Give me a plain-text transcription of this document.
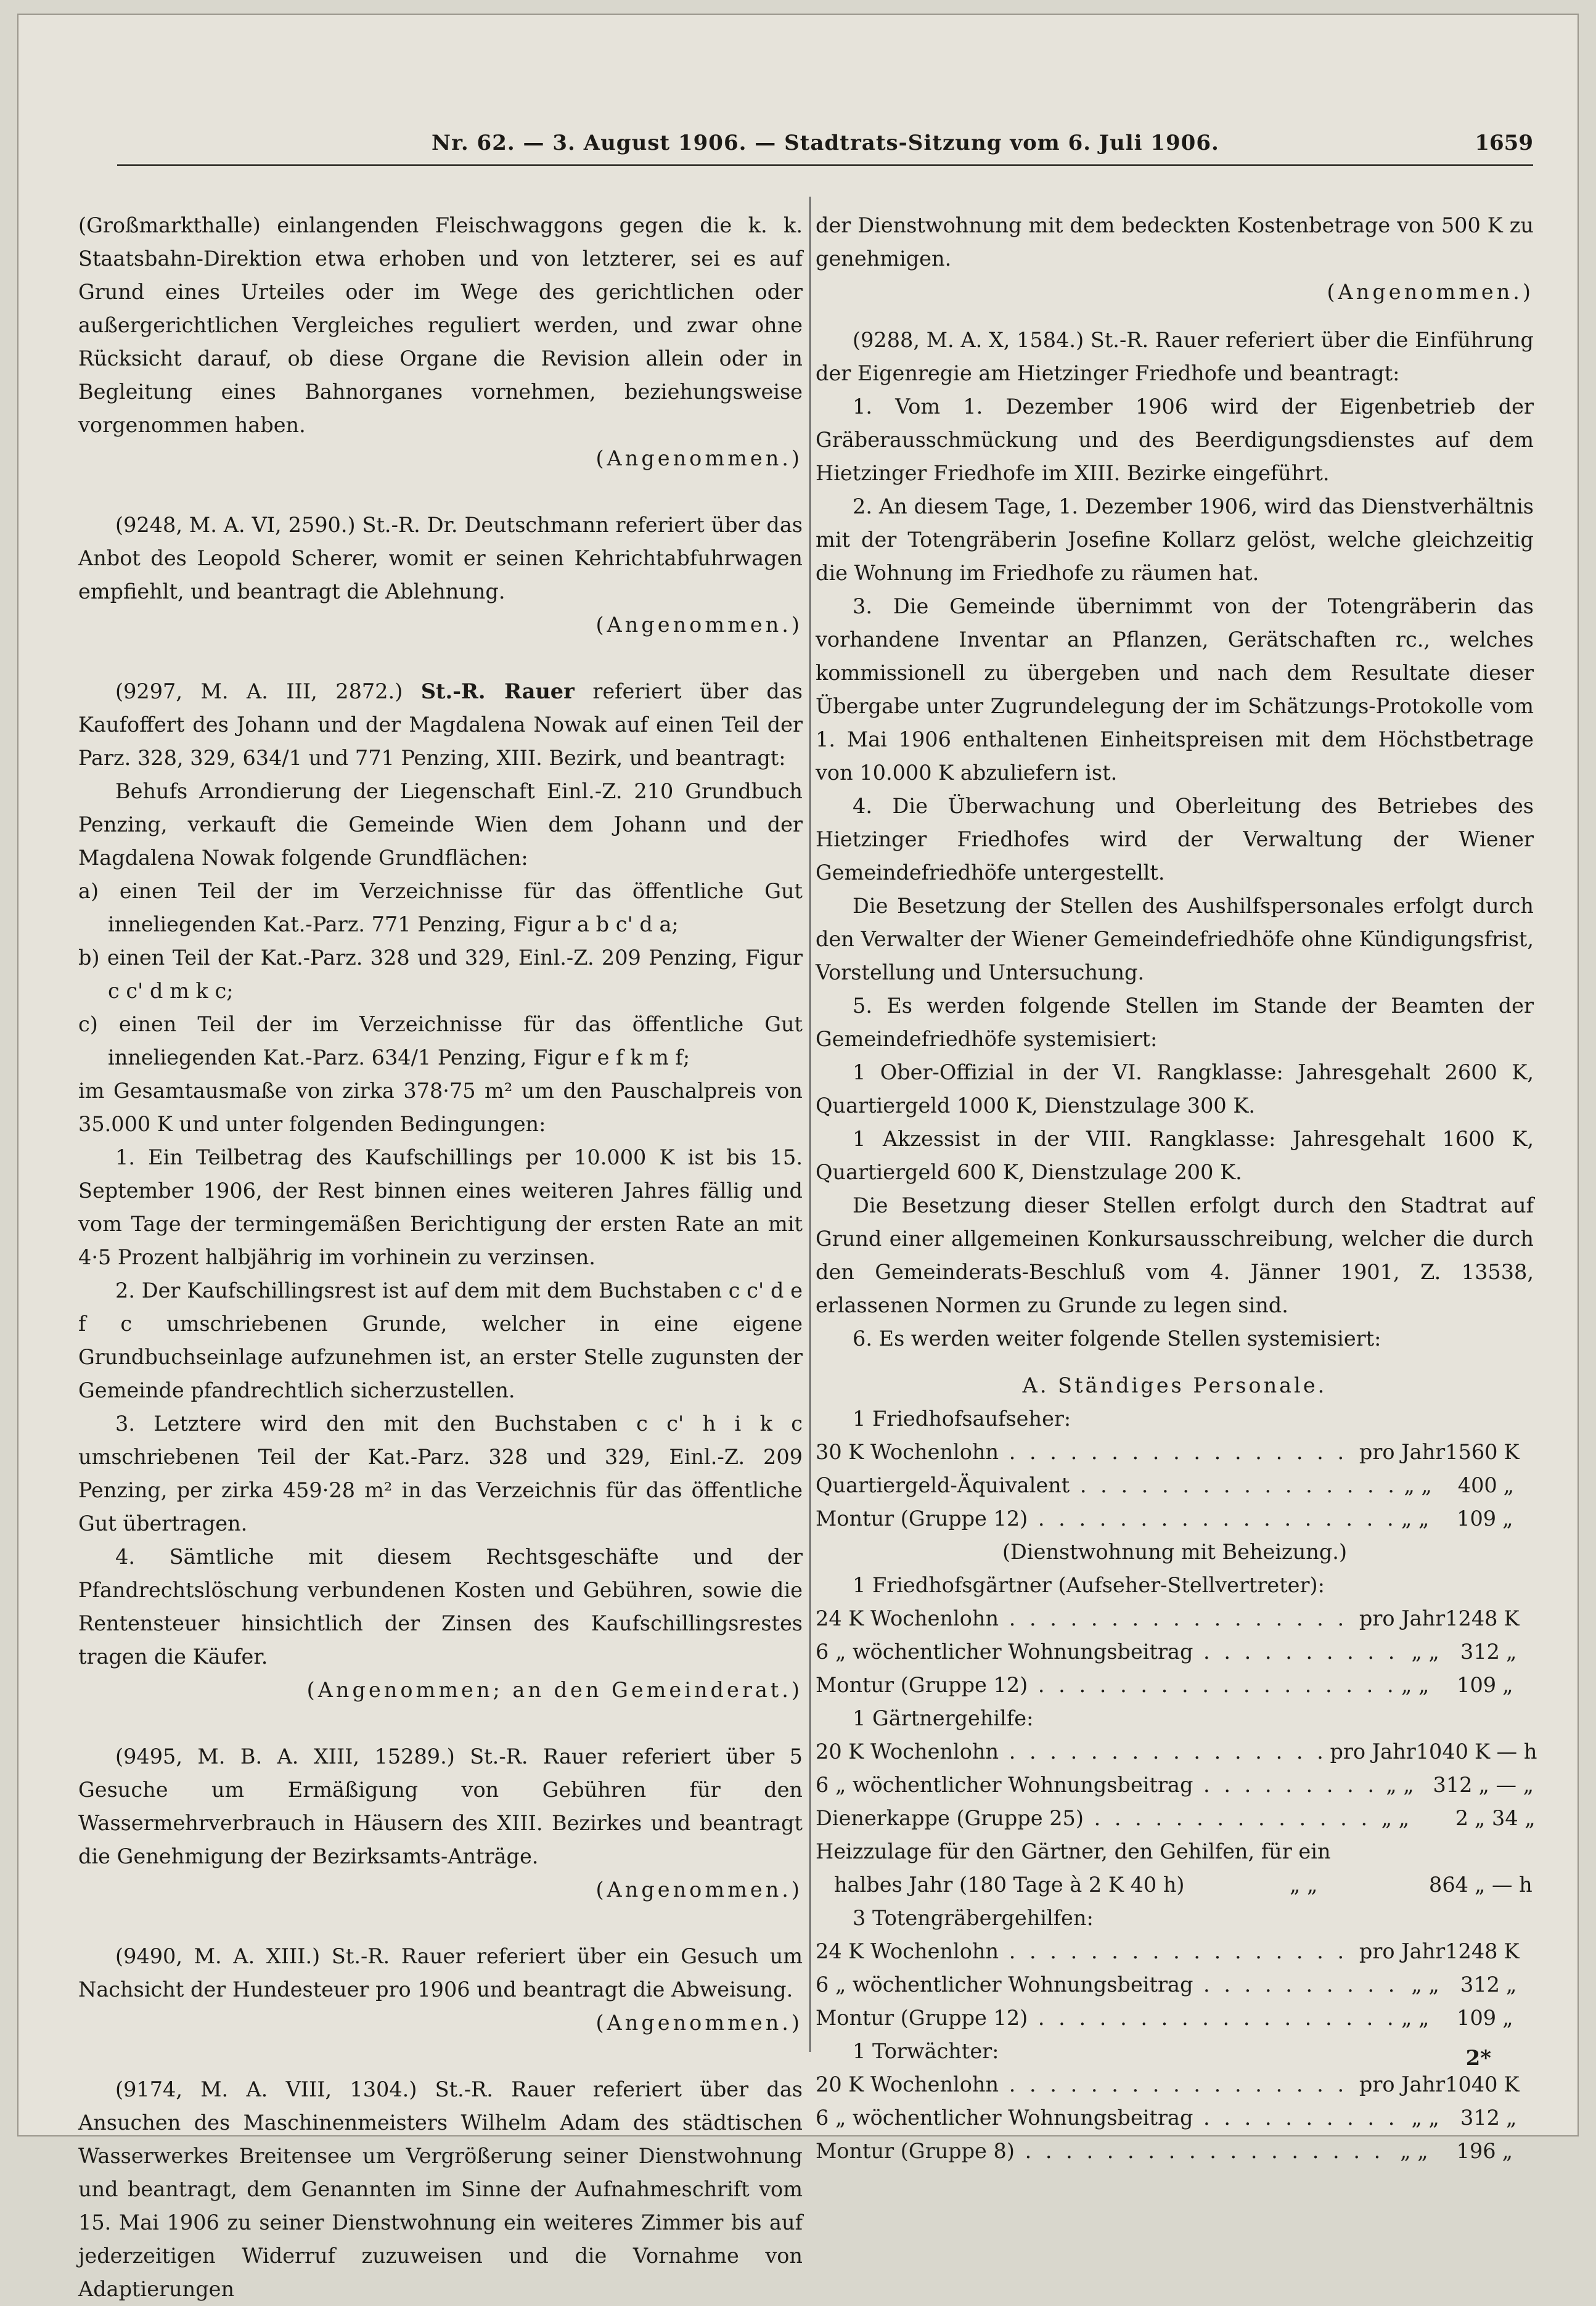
Nr. 62. — 3. August 1906. — Stadtrats-Sitzung vom 6. Juli 1906.	1659

(Großmarkthalle) einlangenden Fleischwaggons gegen die k. k. Staatsbahn-Direktion etwa erhoben und von letzterer, sei es auf Grund eines Urteiles oder im Wege des gerichtlichen oder außergerichtlichen Vergleiches reguliert werden, und zwar ohne Rücksicht darauf, ob diese Organe die Revision allein oder in Begleitung eines Bahnorganes vornehmen, beziehungsweise vorgenommen haben.

(Angenommen.)

(9248, M. A. VI, 2590.) St.-R. Dr. Deutschmann referiert über das Anbot des Leopold Scherer, womit er seinen Kehrichtabfuhrwagen empfiehlt, und beantragt die Ablehnung.

(Angenommen.)

(9297, M. A. III, 2872.) St.-R. Rauer referiert über das Kaufoffert des Johann und der Magdalena Nowak auf einen Teil der Parz. 328, 329, 634/1 und 771 Penzing, XIII. Bezirk, und beantragt:

Behufs Arrondierung der Liegenschaft Einl.-Z. 210 Grundbuch Penzing, verkauft die Gemeinde Wien dem Johann und der Magdalena Nowak folgende Grundflächen:

a) einen Teil der im Verzeichnisse für das öffentliche Gut inneliegenden Kat.-Parz. 771 Penzing, Figur a b c' d a;

b) einen Teil der Kat.-Parz. 328 und 329, Einl.-Z. 209 Penzing, Figur c c' d m k c;

c) einen Teil der im Verzeichnisse für das öffentliche Gut inneliegenden Kat.-Parz. 634/1 Penzing, Figur e f k m f;

im Gesamtausmaße von zirka 378·75 m² um den Pauschalpreis von 35.000 K und unter folgenden Bedingungen:

1. Ein Teilbetrag des Kaufschillings per 10.000 K ist bis 15. September 1906, der Rest binnen eines weiteren Jahres fällig und vom Tage der termingemäßen Berichtigung der ersten Rate an mit 4·5 Prozent halbjährig im vorhinein zu verzinsen.

2. Der Kaufschillingsrest ist auf dem mit dem Buchstaben c c' d e f c umschriebenen Grunde, welcher in eine eigene Grundbuchseinlage aufzunehmen ist, an erster Stelle zugunsten der Gemeinde pfandrechtlich sicherzustellen.

3. Letztere wird den mit den Buchstaben c c' h i k c umschriebenen Teil der Kat.-Parz. 328 und 329, Einl.-Z. 209 Penzing, per zirka 459·28 m² in das Verzeichnis für das öffentliche Gut übertragen.

4. Sämtliche mit diesem Rechtsgeschäfte und der Pfandrechtslöschung verbundenen Kosten und Gebühren, sowie die Rentensteuer hinsichtlich der Zinsen des Kaufschillingsrestes tragen die Käufer.

(Angenommen; an den Gemeinderat.)

(9495, M. B. A. XIII, 15289.) St.-R. Rauer referiert über 5 Gesuche um Ermäßigung von Gebühren für den Wassermehrverbrauch in Häusern des XIII. Bezirkes und beantragt die Genehmigung der Bezirksamts-Anträge.

(Angenommen.)

(9490, M. A. XIII.) St.-R. Rauer referiert über ein Gesuch um Nachsicht der Hundesteuer pro 1906 und beantragt die Abweisung.

(Angenommen.)

(9174, M. A. VIII, 1304.) St.-R. Rauer referiert über das Ansuchen des Maschinenmeisters Wilhelm Adam des städtischen Wasserwerkes Breitensee um Vergrößerung seiner Dienstwohnung und beantragt, dem Genannten im Sinne der Aufnahmeschrift vom 15. Mai 1906 zu seiner Dienstwohnung ein weiteres Zimmer bis auf jederzeitigen Widerruf zuzuweisen und die Vornahme von Adaptierungen

der Dienstwohnung mit dem bedeckten Kostenbetrage von 500 K zu genehmigen.

(Angenommen.)

(9288, M. A. X, 1584.) St.-R. Rauer referiert über die Einführung der Eigenregie am Hietzinger Friedhofe und beantragt:

1. Vom 1. Dezember 1906 wird der Eigenbetrieb der Gräberausschmückung und des Beerdigungsdienstes auf dem Hietzinger Friedhofe im XIII. Bezirke eingeführt.

2. An diesem Tage, 1. Dezember 1906, wird das Dienstverhältnis mit der Totengräberin Josefine Kollarz gelöst, welche gleichzeitig die Wohnung im Friedhofe zu räumen hat.

3. Die Gemeinde übernimmt von der Totengräberin das vorhandene Inventar an Pflanzen, Gerätschaften rc., welches kommissionell zu übergeben und nach dem Resultate dieser Übergabe unter Zugrundelegung der im Schätzungs-Protokolle vom 1. Mai 1906 enthaltenen Einheitspreisen mit dem Höchstbetrage von 10.000 K abzuliefern ist.

4. Die Überwachung und Oberleitung des Betriebes des Hietzinger Friedhofes wird der Verwaltung der Wiener Gemeindefriedhöfe untergestellt.

Die Besetzung der Stellen des Aushilfspersonales erfolgt durch den Verwalter der Wiener Gemeindefriedhöfe ohne Kündigungsfrist, Vorstellung und Untersuchung.

5. Es werden folgende Stellen im Stande der Beamten der Gemeindefriedhöfe systemisiert:

1 Ober-Offizial in der VI. Rangklasse: Jahresgehalt 2600 K, Quartiergeld 1000 K, Dienstzulage 300 K.

1 Akzessist in der VIII. Rangklasse: Jahresgehalt 1600 K, Quartiergeld 600 K, Dienstzulage 200 K.

Die Besetzung dieser Stellen erfolgt durch den Stadtrat auf Grund einer allgemeinen Konkursausschreibung, welcher die durch den Gemeinderats-Beschluß vom 4. Jänner 1901, Z. 13538, erlassenen Normen zu Grunde zu legen sind.

6. Es werden weiter folgende Stellen systemisiert:

A. Ständiges Personale.

1 Friedhofsaufseher:

30 K Wochenlohn . . .	pro Jahr 1560 K
Quartiergeld-Äquivalent . . .	„ „	400 „
Montur (Gruppe 12) . . .	„ „	109 „

(Dienstwohnung mit Beheizung.)

1 Friedhofsgärtner (Aufseher-Stellvertreter):

24 K Wochenlohn . . .	pro Jahr 1248 K
6 „ wöchentlicher Wohnungsbeitrag . . .	„ „	312 „
Montur (Gruppe 12) . . .	„ „	109 „

1 Gärtnergehilfe:

20 K Wochenlohn . . .	pro Jahr 1040 K — h
6 „ wöchentlicher Wohnungsbeitrag . . .	„ „ 312 „ — „
Dienerkappe (Gruppe 25) . . .	„ „	2 „ 34 „

Heizzulage für den Gärtner, den Gehilfen, für ein

halbes Jahr (180 Tage à 2 K 40 h)	„ „	864 „ — h

3 Totengräbergehilfen:

24 K Wochenlohn . . .	pro Jahr 1248 K
6 „ wöchentlicher Wohnungsbeitrag . . .	„ „	312 „
Montur (Gruppe 12) . . .	„ „	109 „

1 Torwächter:

20 K Wochenlohn . . .	pro Jahr 1040 K
6 „ wöchentlicher Wohnungsbeitrag . . .	„ „	312 „
Montur (Gruppe 8) . . .	„ „	196 „
2*
